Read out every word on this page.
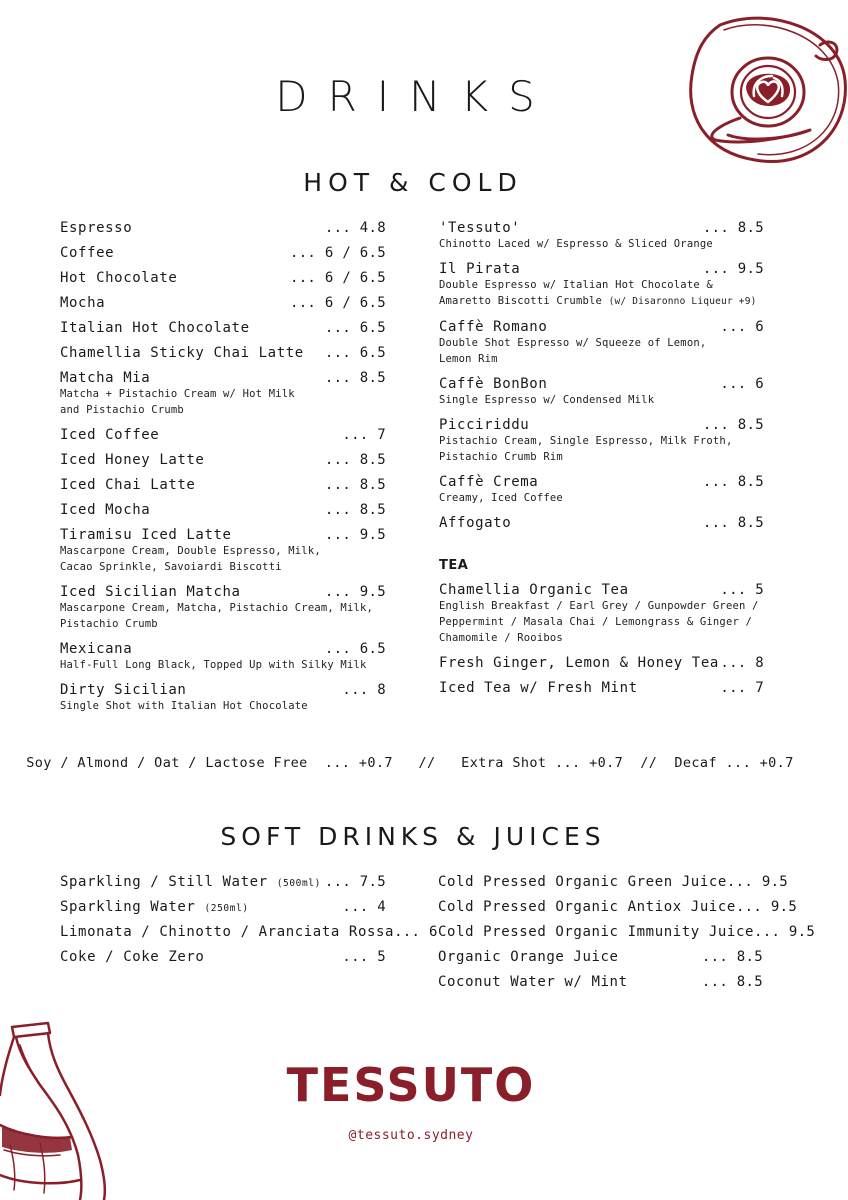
DRINKS
HOT & COLD
Espresso	... 4.8
Coffee	... 6 / 6.5
Hot Chocolate	... 6 / 6.5
Mocha	... 6 / 6.5
Italian Hot Chocolate	... 6.5
Chamellia Sticky Chai Latte ... 6.5
Matcha Mia	... 8.5
Matcha + Pistachio Cream w/ Hot Milk
and Pistachio Crumb
Iced Coffee	... 7
Iced Honey Latte	... 8.5
Iced Chai Latte	... 8.5
Iced Mocha	... 8.5
Tiramisu Iced Latte	... 9.5
Mascarpone Cream, Double Espresso, Milk,
Cacao Sprinkle, Savoiardi Biscotti
Iced Sicilian Matcha	... 9.5
Mascarpone Cream, Matcha, Pistachio Cream, Milk,
Pistachio Crumb
Mexicana	... 6.5
Half-Full Long Black, Topped Up with Silky Milk
Dirty Sicilian	... 8
Single Shot with Italian Hot Chocolate
'Tessuto'	... 8.5
Chinotto Laced w/ Espresso & Sliced Orange
Il Pirata	... 9.5
Double Espresso w/ Italian Hot Chocolate &
Amaretto Biscotti Crumble (w/ Disaronno Liqueur +9)
Caffè Romano	... 6
Double Shot Espresso w/ Squeeze of Lemon,
Lemon Rim
Caffè BonBon	... 6
Single Espresso w/ Condensed Milk
Picciriddu	... 8.5
Pistachio Cream, Single Espresso, Milk Froth,
Pistachio Crumb Rim
Caffè Crema	... 8.5
Creamy, Iced Coffee
Affogato	... 8.5
TEA
Chamellia Organic Tea	... 5
English Breakfast / Earl Grey / Gunpowder Green /
Peppermint / Masala Chai / Lemongrass & Ginger /
Chamomile / Rooibos
Fresh Ginger, Lemon & Honey Tea ... 8
Iced Tea w/ Fresh Mint	... 7
Soy / Almond / Oat / Lactose Free  ... +0.7   //   Extra Shot ... +0.7  //  Decaf ... +0.7
SOFT DRINKS & JUICES
Sparkling / Still Water (500ml) ... 7.5
Sparkling Water (250ml)	... 4
Limonata / Chinotto / Aranciata Rossa ... 6
Coke / Coke Zero	... 5
Cold Pressed Organic Green Juice ... 9.5
Cold Pressed Organic Antiox Juice ... 9.5
Cold Pressed Organic Immunity Juice ... 9.5
Organic Orange Juice	... 8.5
Coconut Water w/ Mint	... 8.5
TESSUTO
@tessuto.sydney
